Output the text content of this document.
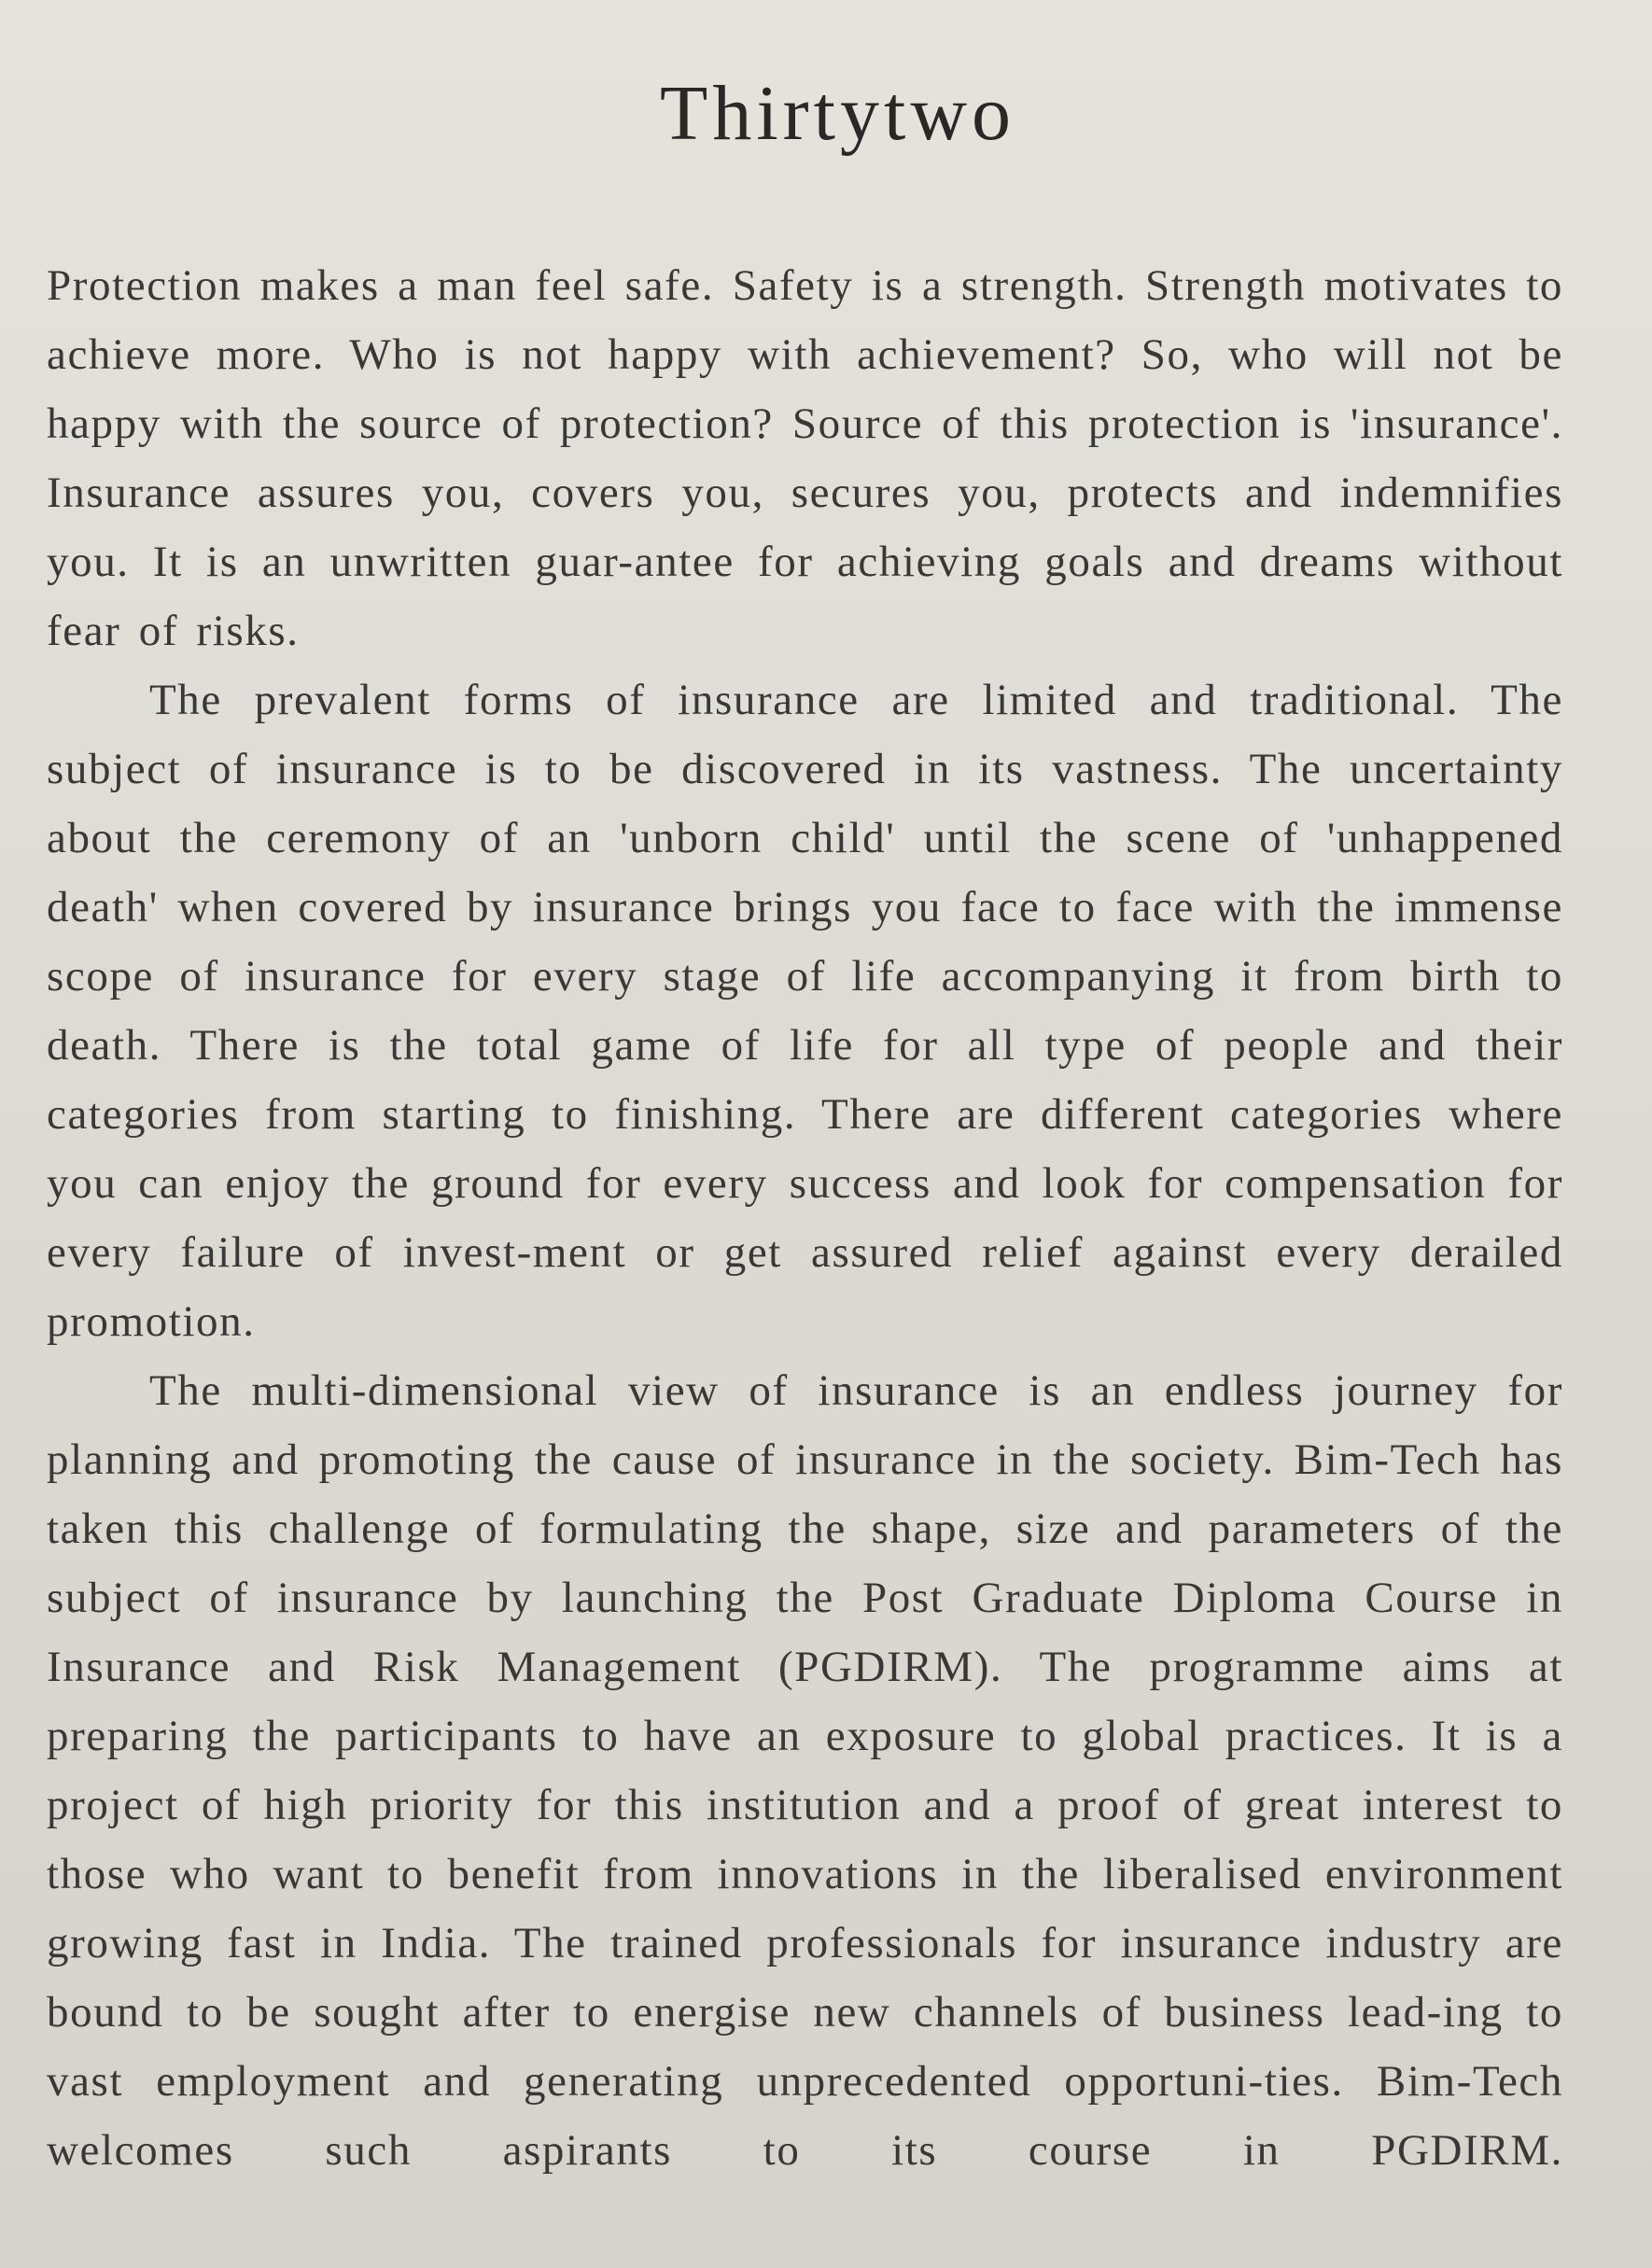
Thirtytwo

Protection makes a man feel safe. Safety is a strength. Strength motivates to achieve more. Who is not happy with achievement? So, who will not be happy with the source of protection? Source of this protection is 'insurance'. Insurance assures you, covers you, secures you, protects and indemnifies you. It is an unwritten guar-antee for achieving goals and dreams without fear of risks.

The prevalent forms of insurance are limited and traditional. The subject of insurance is to be discovered in its vastness. The uncertainty about the ceremony of an 'unborn child' until the scene of 'unhappened death' when covered by insurance brings you face to face with the immense scope of insurance for every stage of life accompanying it from birth to death. There is the total game of life for all type of people and their categories from starting to finishing. There are different categories where you can enjoy the ground for every success and look for compensation for every failure of invest-ment or get assured relief against every derailed promotion.

The multi-dimensional view of insurance is an endless journey for planning and promoting the cause of insurance in the society. Bim-Tech has taken this challenge of formulating the shape, size and parameters of the subject of insurance by launching the Post Graduate Diploma Course in Insurance and Risk Management (PGDIRM). The programme aims at preparing the participants to have an exposure to global practices. It is a project of high priority for this institution and a proof of great interest to those who want to benefit from innovations in the liberalised environment growing fast in India. The trained professionals for insurance industry are bound to be sought after to energise new channels of business lead-ing to vast employment and generating unprecedented opportuni-ties. Bim-Tech welcomes such aspirants to its course in PGDIRM.
